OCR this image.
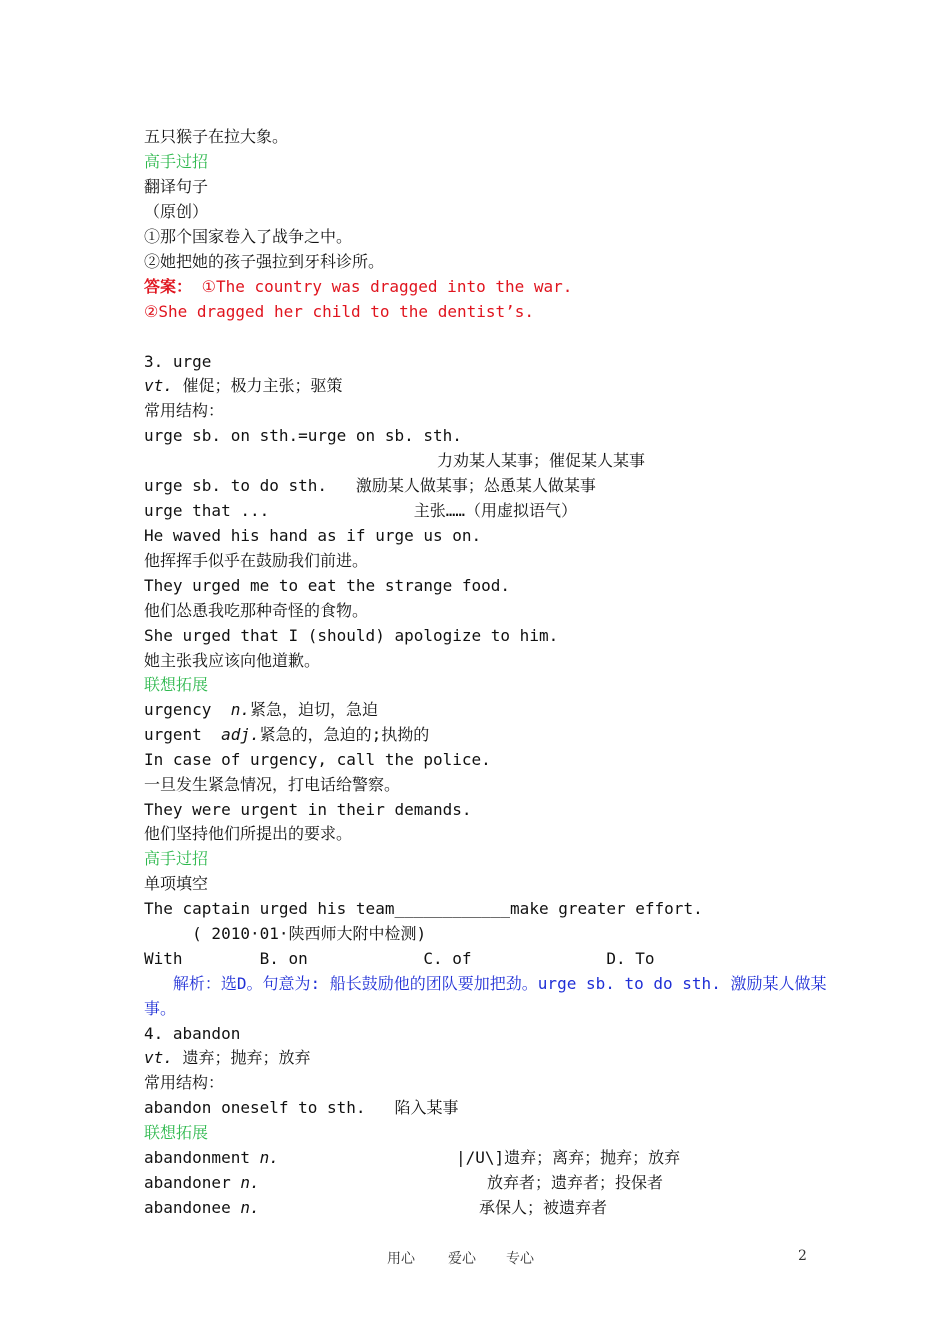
五只猴子在拉大象。
高手过招
翻译句子
（原创）
①那个国家卷入了战争之中。
②她把她的孩子强拉到牙科诊所。
答案： ①The country was dragged into the war.
②She dragged her child to the dentist’s.
3. urge
vt. 催促；极力主张；驱策
常用结构：
urge sb. on sth.=urge on sb. sth.
力劝某人某事；催促某人某事
urge sb. to do sth.   激励某人做某事；怂恿某人做某事
urge that ...               主张……（用虚拟语气）
He waved his hand as if urge us on.
他挥挥手似乎在鼓励我们前进。
They urged me to eat the strange food.
他们怂恿我吃那种奇怪的食物。
She urged that I (should) apologize to him.
她主张我应该向他道歉。
联想拓展
urgency  n.紧急，迫切，急迫
urgent  adj.紧急的，急迫的;执拗的
In case of urgency, call the police.
一旦发生紧急情况，打电话给警察。
They were urgent in their demands.
他们坚持他们所提出的要求。
高手过招
单项填空
The captain urged his team____________make greater effort.
( 2010·01·陕西师大附中检测)
With        B. on            C. of              D. To
解析：选D。句意为: 船长鼓励他的团队要加把劲。urge sb. to do sth. 激励某人做某
事。
4. abandon
vt. 遗弃；抛弃；放弃
常用结构：
abandon oneself to sth.   陷入某事
联想拓展
abandonment n.	|/U\]遗弃；离弃；抛弃；放弃
abandoner n.	放弃者；遗弃者；投保者
abandonee n.	承保人；被遗弃者
用心 爱心 专心	2
